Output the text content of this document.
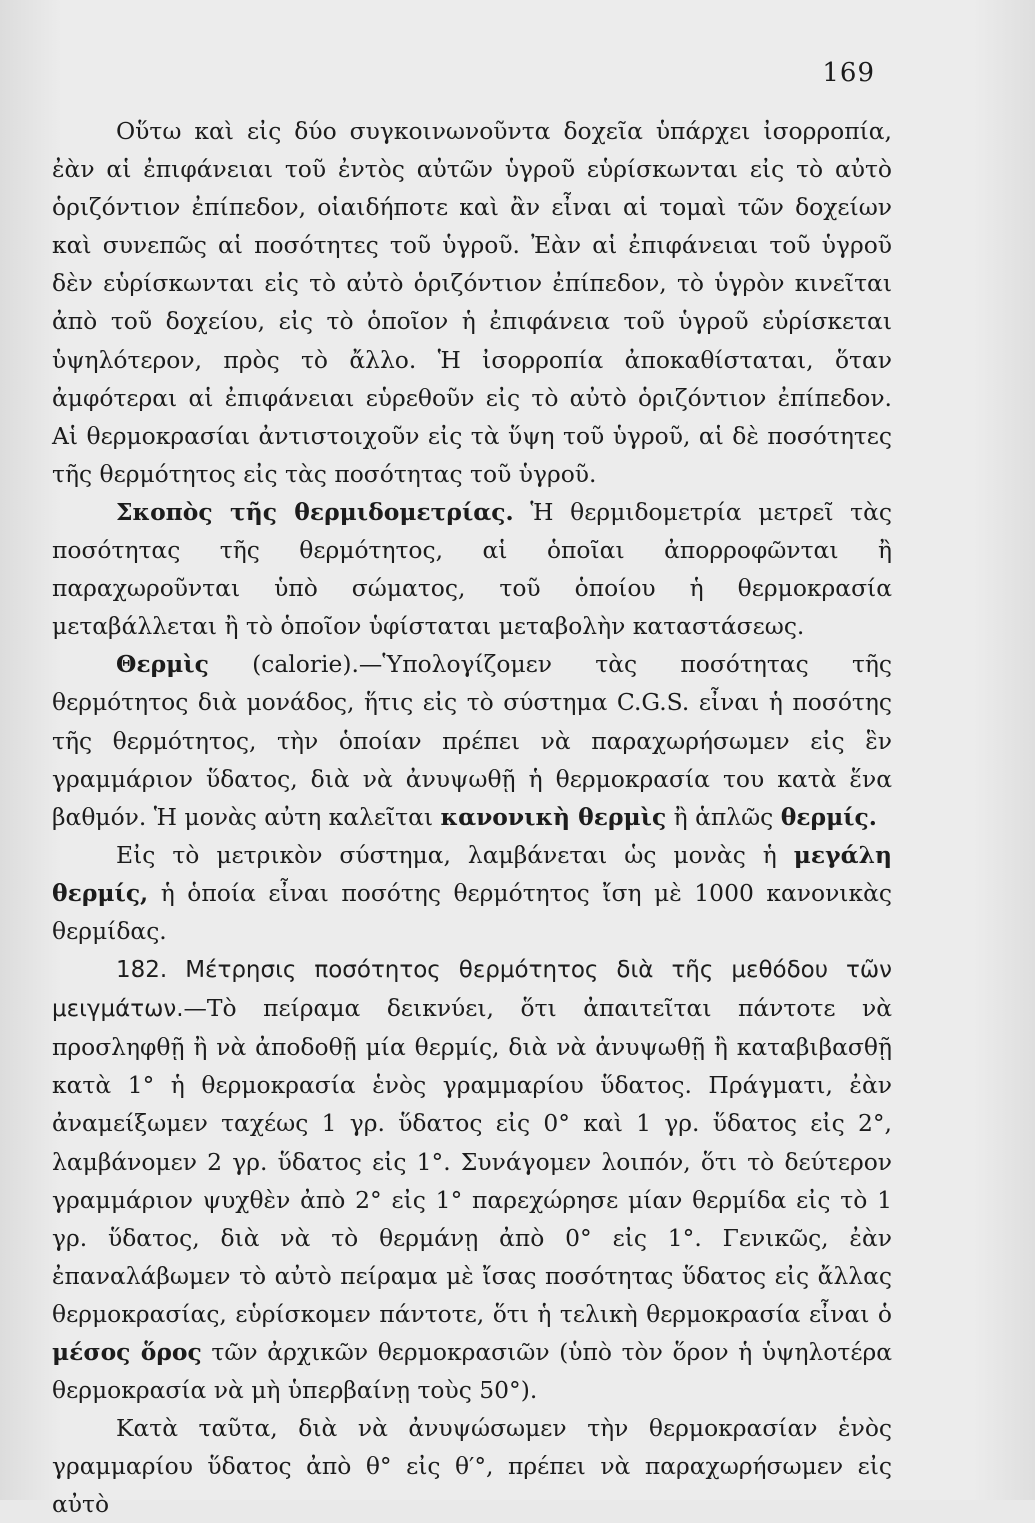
169

Οὕτω καὶ εἰς δύο συγκοινωνοῦντα δοχεῖα ὑπάρχει ἰσορροπία, ἐὰν αἱ ἐπιφάνειαι τοῦ ἐντὸς αὐτῶν ὑγροῦ εὑρίσκωνται εἰς τὸ αὐτὸ ὁριζόντιον ἐπίπεδον, οἱαιδήποτε καὶ ἂν εἶναι αἱ τομαὶ τῶν δοχείων καὶ συνεπῶς αἱ ποσότητες τοῦ ὑγροῦ. Ἐὰν αἱ ἐπιφάνειαι τοῦ ὑγροῦ δὲν εὑρίσκωνται εἰς τὸ αὐτὸ ὁριζόντιον ἐπίπεδον, τὸ ὑγρὸν κινεῖται ἀπὸ τοῦ δοχείου, εἰς τὸ ὁποῖον ἡ ἐπιφάνεια τοῦ ὑγροῦ εὑρίσκεται ὑψηλότερον, πρὸς τὸ ἄλλο. Ἡ ἰσορροπία ἀποκαθίσταται, ὅταν ἀμφότεραι αἱ ἐπιφάνειαι εὑρεθοῦν εἰς τὸ αὐτὸ ὁριζόντιον ἐπίπεδον. Αἱ θερμοκρασίαι ἀντιστοιχοῦν εἰς τὰ ὕψη τοῦ ὑγροῦ, αἱ δὲ ποσότητες τῆς θερμότητος εἰς τὰς ποσότητας τοῦ ὑγροῦ.

Σκοπὸς τῆς θερμιδομετρίας. Ἡ θερμιδομετρία μετρεῖ τὰς ποσότητας τῆς θερμότητος, αἱ ὁποῖαι ἀπορροφῶνται ἢ παραχωροῦνται ὑπὸ σώματος, τοῦ ὁποίου ἡ θερμοκρασία μεταβάλλεται ἢ τὸ ὁποῖον ὑφίσταται μεταβολὴν καταστάσεως.

Θερμὶς (calorie).—Ὑπολογίζομεν τὰς ποσότητας τῆς θερμότητος διὰ μονάδος, ἥτις εἰς τὸ σύστημα C.G.S. εἶναι ἡ ποσότης τῆς θερμότητος, τὴν ὁποίαν πρέπει νὰ παραχωρήσωμεν εἰς ἓν γραμμάριον ὕδατος, διὰ νὰ ἀνυψωθῇ ἡ θερμοκρασία του κατὰ ἕνα βαθμόν. Ἡ μονὰς αὐτη καλεῖται κανονικὴ θερμὶς ἢ ἁπλῶς θερμίς.

Εἰς τὸ μετρικὸν σύστημα, λαμβάνεται ὡς μονὰς ἡ μεγάλη θερμίς, ἡ ὁποία εἶναι ποσότης θερμότητος ἴση μὲ 1000 κανονικὰς θερμίδας.

182. Μέτρησις ποσότητος θερμότητος διὰ τῆς μεθόδου τῶν μειγμάτων.—Τὸ πείραμα δεικνύει, ὅτι ἀπαιτεῖται πάντοτε νὰ προσληφθῇ ἢ νὰ ἀποδοθῇ μία θερμίς, διὰ νὰ ἀνυψωθῇ ἢ καταβιβασθῇ κατὰ 1° ἡ θερμοκρασία ἑνὸς γραμμαρίου ὕδατος. Πράγματι, ἐὰν ἀναμείξωμεν ταχέως 1 γρ. ὕδατος εἰς 0° καὶ 1 γρ. ὕδατος εἰς 2°, λαμβάνομεν 2 γρ. ὕδατος εἰς 1°. Συνάγομεν λοιπόν, ὅτι τὸ δεύτερον γραμμάριον ψυχθὲν ἀπὸ 2° εἰς 1° παρεχώρησε μίαν θερμίδα εἰς τὸ 1 γρ. ὕδατος, διὰ νὰ τὸ θερμάνῃ ἀπὸ 0° εἰς 1°. Γενικῶς, ἐὰν ἐπαναλάβωμεν τὸ αὐτὸ πείραμα μὲ ἴσας ποσότητας ὕδατος εἰς ἄλλας θερμοκρασίας, εὑρίσκομεν πάντοτε, ὅτι ἡ τελικὴ θερμοκρασία εἶναι ὁ μέσος ὅρος τῶν ἀρχικῶν θερμοκρασιῶν (ὑπὸ τὸν ὅρον ἡ ὑψηλοτέρα θερμοκρασία νὰ μὴ ὑπερβαίνῃ τοὺς 50°).

Κατὰ ταῦτα, διὰ νὰ ἀνυψώσωμεν τὴν θερμοκρασίαν ἑνὸς γραμμαρίου ὕδατος ἀπὸ θ° εἰς θ′°, πρέπει νὰ παραχωρήσωμεν εἰς αὐτὸ
